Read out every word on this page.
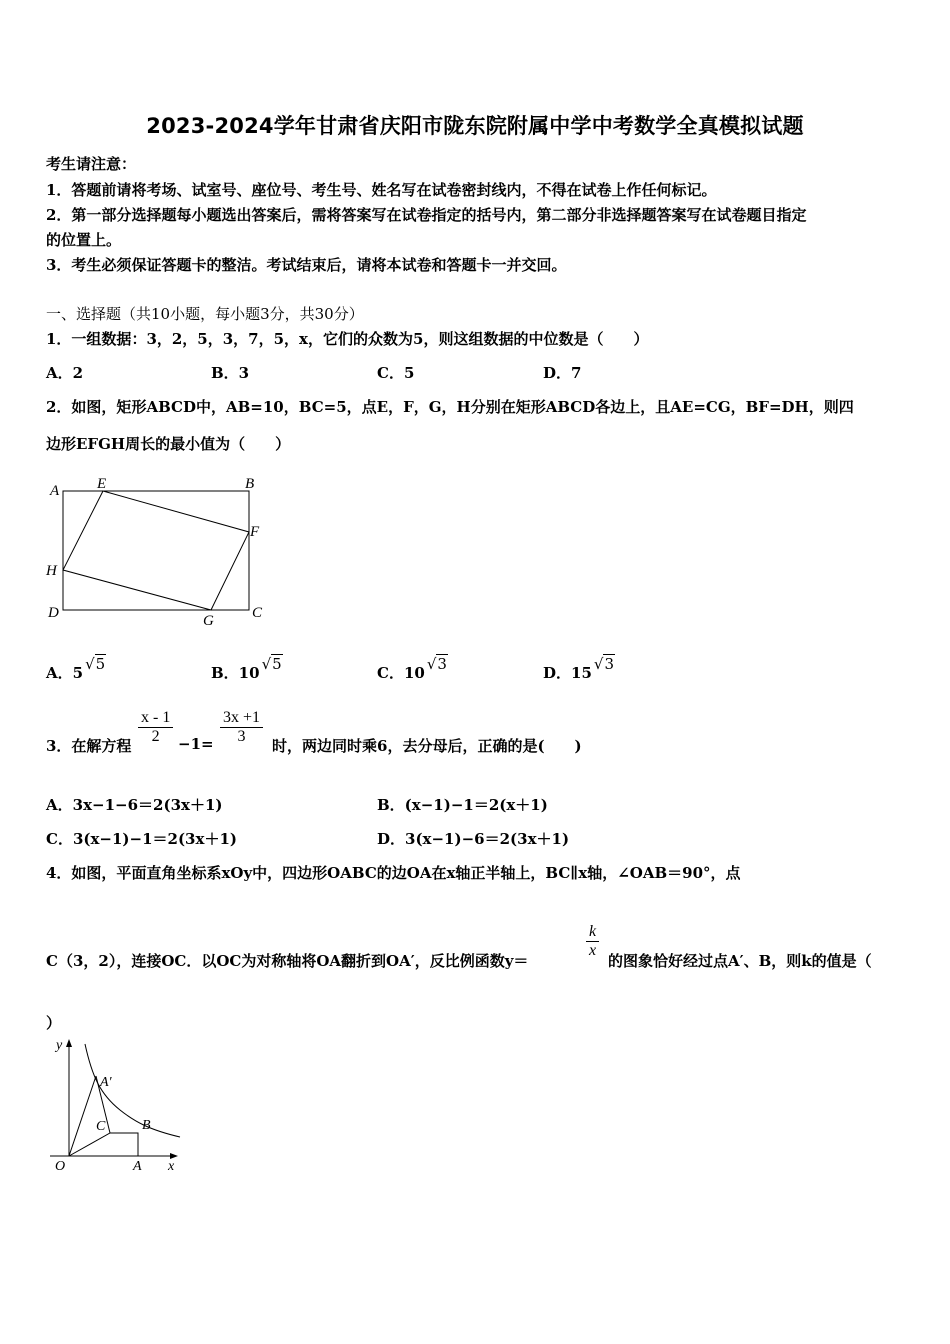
2023-2024学年甘肃省庆阳市陇东院附属中学中考数学全真模拟试题
考生请注意：
1．答题前请将考场、试室号、座位号、考生号、姓名写在试卷密封线内，不得在试卷上作任何标记。
2．第一部分选择题每小题选出答案后，需将答案写在试卷指定的括号内，第二部分非选择题答案写在试卷题目指定
的位置上。
3．考生必须保证答题卡的整洁。考试结束后，请将本试卷和答题卡一并交回。
一、选择题（共10小题，每小题3分，共30分）
1．一组数据：3，2，5，3，7，5，x，它们的众数为5，则这组数据的中位数是（　　）
A．2	B．3	C．5	D．7
2．如图，矩形ABCD中，AB=10，BC=5，点E，F，G，H分别在矩形ABCD各边上，且AE=CG，BF=DH，则四
边形EFGH周长的最小值为（　　）
A	E	B
F
H
D	G	C
A．5 √5	B．10 √5	C．10 √3	D．15 √3
3．在解方程
x - 1
2	−1=
3x +1
3
时，两边同时乘6，去分母后，正确的是(　　)
A．3x−1−6＝2(3x＋1)	B．(x−1)−1＝2(x＋1)
C．3(x−1)−1＝2(3x＋1)	D．3(x−1)−6＝2(3x＋1)
4．如图，平面直角坐标系xOy中，四边形OABC的边OA在x轴正半轴上，BC∥x轴，∠OAB＝90°，点
C（3，2），连接OC．以OC为对称轴将OA翻折到OA′，反比例函数y＝
k
x
的图象恰好经过点A′、B，则k的值是（
）
y
x
O	A
B
C
A′
